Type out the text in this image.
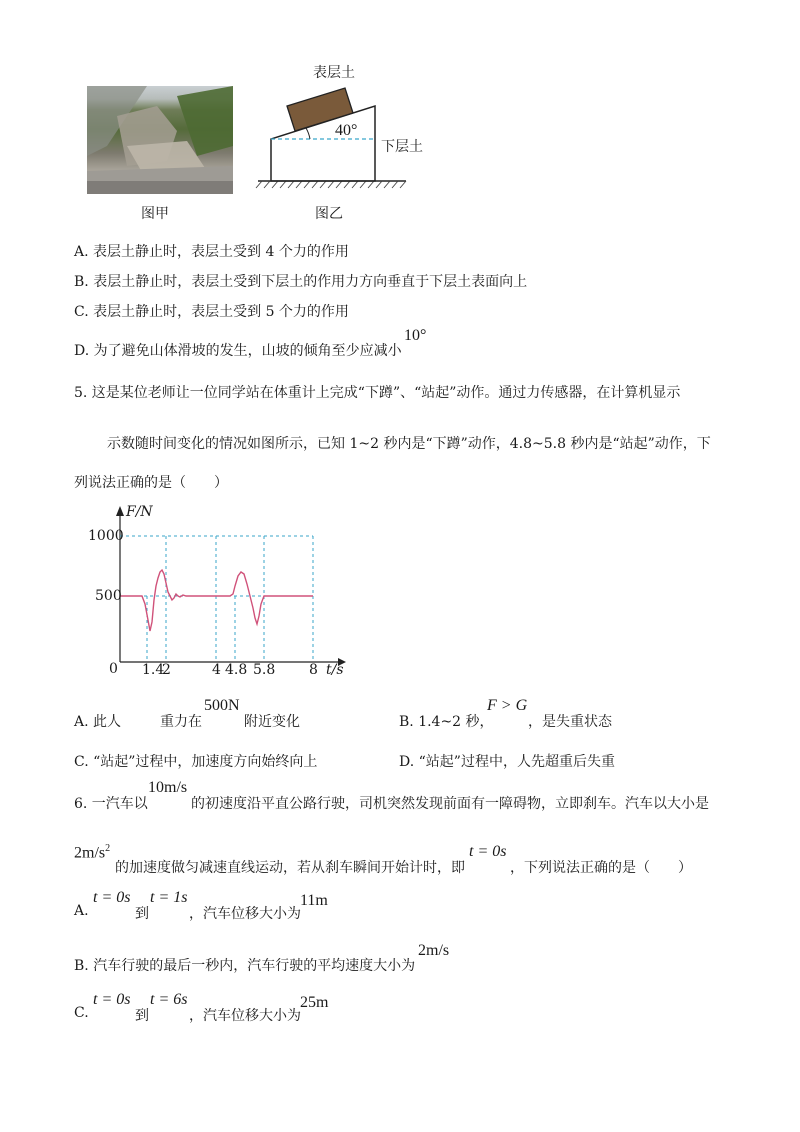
图甲
表层土
40°
下层土
图乙
A. 表层土静止时，表层土受到 4 个力的作用
B. 表层土静止时，表层土受到下层土的作用力方向垂直于下层土表面向上
C. 表层土静止时，表层土受到 5 个力的作用
D. 为了避免山体滑坡的发生，山坡的倾角至少应减小
10°
5. 这是某位老师让一位同学站在体重计上完成“下蹲”、“站起”动作。通过力传感器，在计算机显示
示数随时间变化的情况如图所示，已知 1~2 秒内是“下蹲”动作，4.8~5.8 秒内是“站起”动作，下
列说法正确的是（　　）
F/N
1000
500
0 1.4
2	4 4.8 5.8 8 t/s
A. 此人	重力在
500N
附近变化	B. 1.4~2 秒，
F > G
，是失重状态
C. “站起”过程中，加速度方向始终向上	D. “站起”过程中，人先超重后失重
6. 一汽车以
10m/s
的初速度沿平直公路行驶，司机突然发现前面有一障碍物，立即刹车。汽车以大小是
$2m/s^2$
的加速度做匀减速直线运动，若从刹车瞬间开始计时，即
t = 0s
，下列说法正确的是（　　）
A.
t = 0s
到
t = 1s
，汽车位移大小为
11m
B. 汽车行驶的最后一秒内，汽车行驶的平均速度大小为
2m/s
C.
t = 0s
到
t = 6s
，汽车位移大小为
25m
